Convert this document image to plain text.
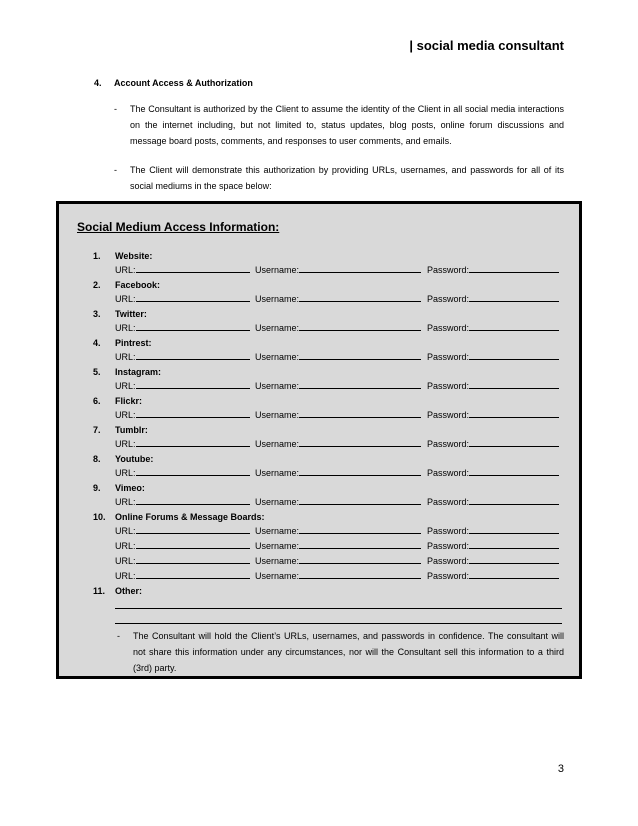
| social media consultant
4. Account Access & Authorization
- The Consultant is authorized by the Client to assume the identity of the Client in all social media interactions on the internet including, but not limited to, status updates, blog posts, online forum discussions and message board posts, comments, and responses to user comments, and emails.
- The Client will demonstrate this authorization by providing URLs, usernames, and passwords for all of its social mediums in the space below:
Social Medium Access Information:
1. Website:
URL:	Username:	Password:
2. Facebook:
URL:	Username:	Password:
3. Twitter:
URL:	Username:	Password:
4. Pintrest:
URL:	Username:	Password:
5. Instagram:
URL:	Username:	Password:
6. Flickr:
URL:	Username:	Password:
7. Tumblr:
URL:	Username:	Password:
8. Youtube:
URL:	Username:	Password:
9. Vimeo:
URL:	Username:	Password:
10. Online Forums & Message Boards:
URL:	Username:	Password:
URL:	Username:	Password:
URL:	Username:	Password:
URL:	Username:	Password:
11. Other:
- The Consultant will hold the Client’s URLs, usernames, and passwords in confidence. The consultant will not share this information under any circumstances, nor will the Consultant sell this information to a third (3rd) party.
3
